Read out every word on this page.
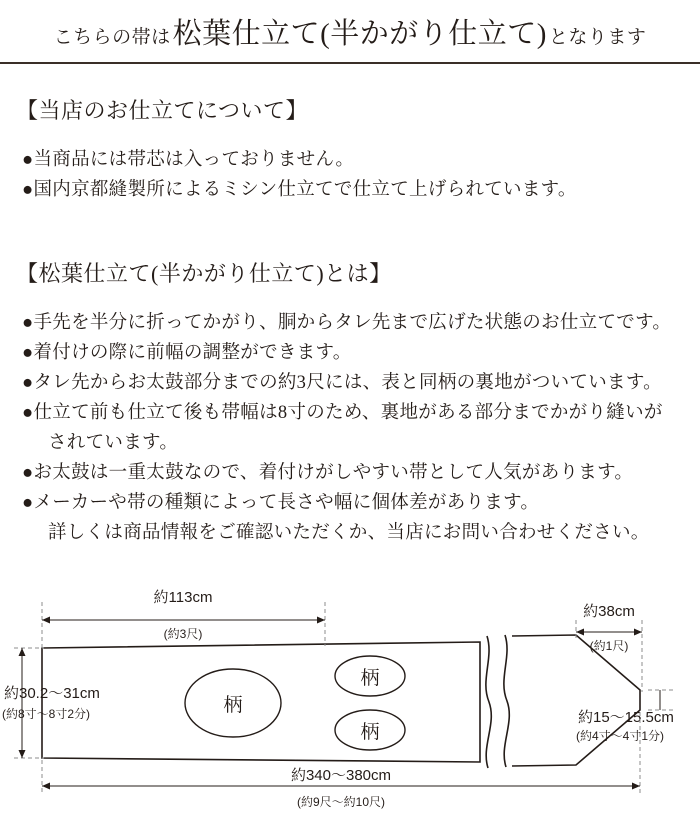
こちらの帯は 松葉仕立て(半かがり仕立て) となります
【当店のお仕立てについて】
●当商品には帯芯は入っておりません。
●国内京都縫製所によるミシン仕立てで仕立て上げられています。
【松葉仕立て(半かがり仕立て)とは】
●手先を半分に折ってかがり、胴からタレ先まで広げた状態のお仕立てです。
●着付けの際に前幅の調整ができます。
●タレ先からお太鼓部分までの約3尺には、表と同柄の裏地がついています。
●仕立て前も仕立て後も帯幅は8寸のため、裏地がある部分までかがり縫いが
されています。
●お太鼓は一重太鼓なので、着付けがしやすい帯として人気があります。
●メーカーや帯の種類によって長さや幅に個体差があります。
詳しくは商品情報をご確認いただくか、当店にお問い合わせください。
柄
柄
柄
約113cm
(約3尺)
約30.2〜31cm
(約8寸〜8寸2分)
約38cm
(約1尺)
約15〜15.5cm
(約4寸〜4寸1分)
約340〜380cm
(約9尺〜約10尺)
